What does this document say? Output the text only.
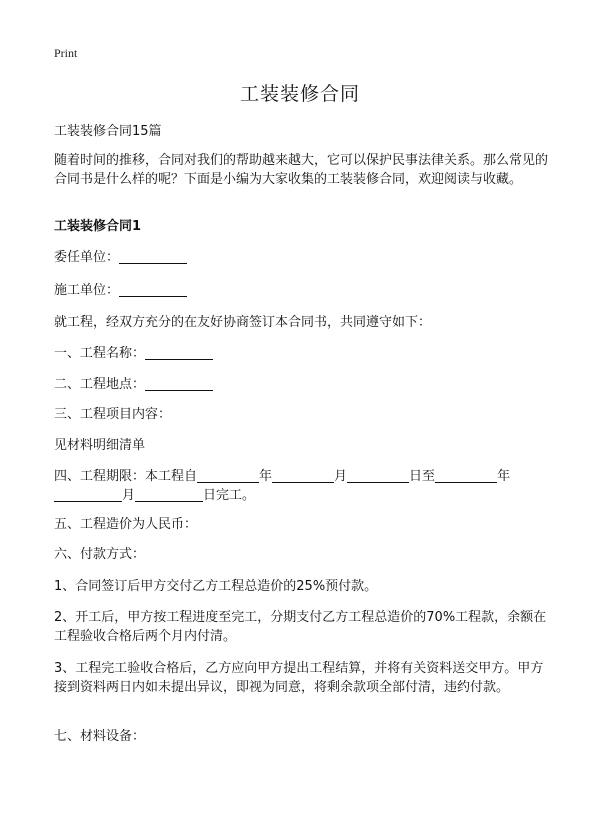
Print
工装装修合同
工装装修合同15篇
随着时间的推移，合同对我们的帮助越来越大，它可以保护民事法律关系。那么常见的合同书是什么样的呢？下面是小编为大家收集的工装装修合同，欢迎阅读与收藏。
工装装修合同1
委任单位：
施工单位：
就工程，经双方充分的在友好协商签订本合同书，共同遵守如下：
一、工程名称：
二、工程地点：
三、工程项目内容：
见材料明细清单
四、工程期限：本工程自	年	月	日至	年
月	日完工。
五、工程造价为人民币：
六、付款方式：
1、合同签订后甲方交付乙方工程总造价的25%预付款。
2、开工后，甲方按工程进度至完工，分期支付乙方工程总造价的70%工程款，余额在工程验收合格后两个月内付清。
3、工程完工验收合格后，乙方应向甲方提出工程结算，并将有关资料送交甲方。甲方接到资料两日内如未提出异议，即视为同意，将剩余款项全部付清，违约付款。
七、材料设备：
